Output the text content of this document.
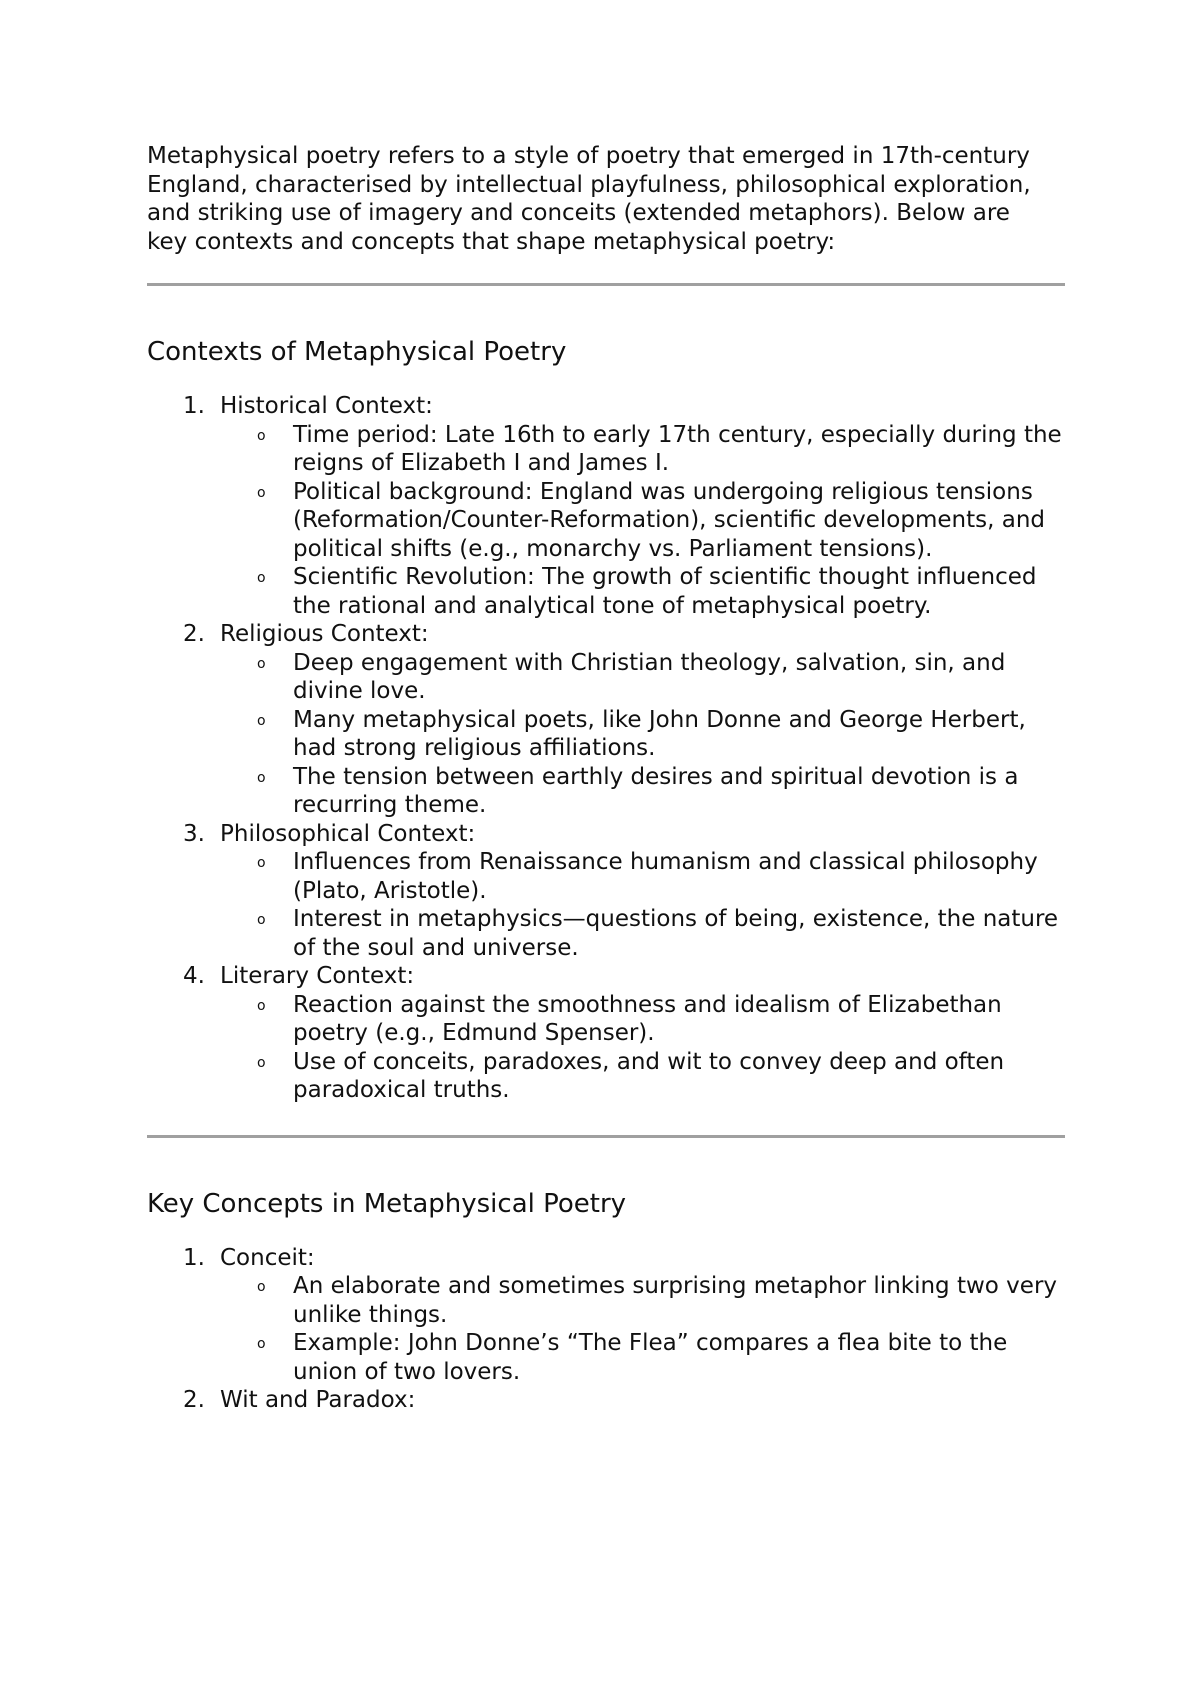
Metaphysical poetry refers to a style of poetry that emerged in 17th-century England, characterised by intellectual playfulness, philosophical exploration, and striking use of imagery and conceits (extended metaphors). Below are key contexts and concepts that shape metaphysical poetry:

Contexts of Metaphysical Poetry
1. Historical Context:
o Time period: Late 16th to early 17th century, especially during the reigns of Elizabeth I and James I.
o Political background: England was undergoing religious tensions (Reformation/Counter-Reformation), scientific developments, and political shifts (e.g., monarchy vs. Parliament tensions).
o Scientific Revolution: The growth of scientific thought influenced the rational and analytical tone of metaphysical poetry.
2. Religious Context:
o Deep engagement with Christian theology, salvation, sin, and divine love.
o Many metaphysical poets, like John Donne and George Herbert, had strong religious affiliations.
o The tension between earthly desires and spiritual devotion is a recurring theme.
3. Philosophical Context:
o Influences from Renaissance humanism and classical philosophy (Plato, Aristotle).
o Interest in metaphysics—questions of being, existence, the nature of the soul and universe.
4. Literary Context:
o Reaction against the smoothness and idealism of Elizabethan poetry (e.g., Edmund Spenser).
o Use of conceits, paradoxes, and wit to convey deep and often paradoxical truths.
Key Concepts in Metaphysical Poetry
1. Conceit:
o An elaborate and sometimes surprising metaphor linking two very unlike things.
o Example: John Donne’s “The Flea” compares a flea bite to the union of two lovers.
2. Wit and Paradox:
